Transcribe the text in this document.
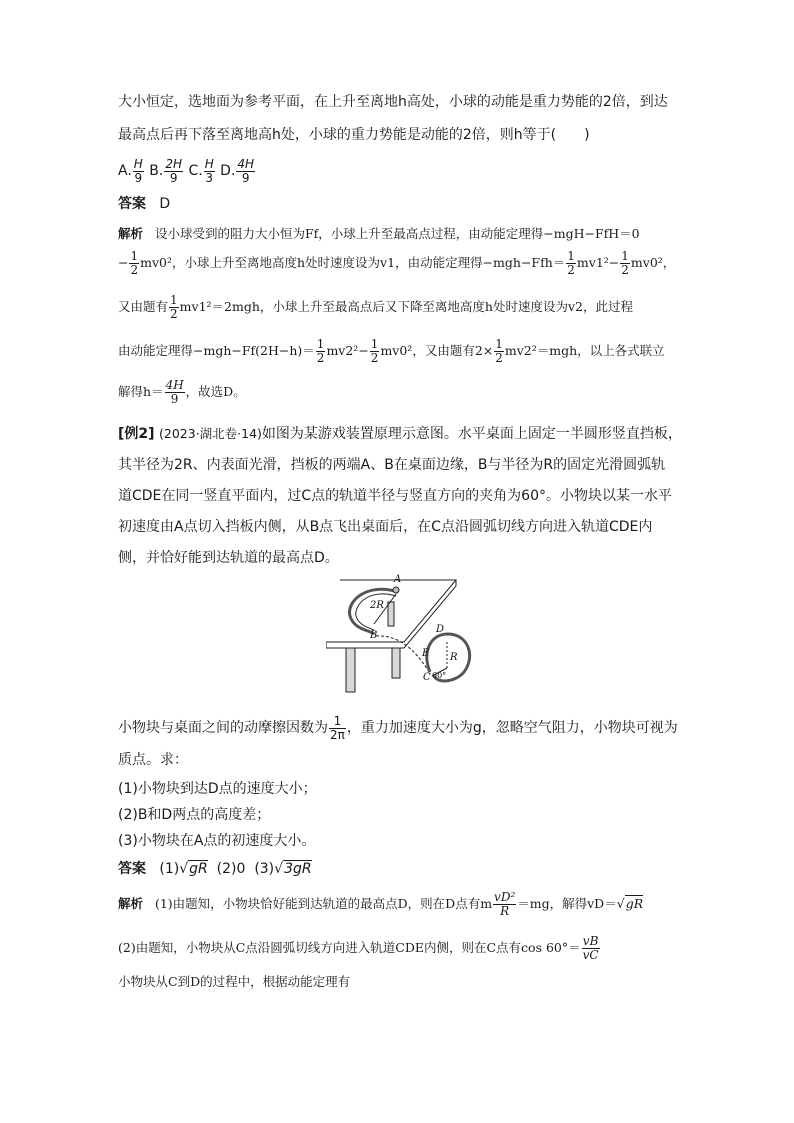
大小恒定，选地面为参考平面，在上升至离地h高处，小球的动能是重力势能的2倍，到达
最高点后再下落至离地高h处，小球的重力势能是动能的2倍，则h等于(　　)
A. $\frac{H}{9} B$. $\frac{2H}{9} C$. $\frac{H}{3} D$. $\frac{4H}{9}$
答案 D
解析 设小球受到的阻力大小恒为Ff，小球上升至最高点过程，由动能定理得−mgH−FfH＝0
− $\frac{1}{2} mv0^2$，小球上升至离地高度h处时速度设为v1，由动能定理得$-mgh-Ffh= \frac{1}{2} mv1^2- \frac{1}{2} mv0^2$，
又由题有 $\frac{1}{2} mv1^2=2mgh$，小球上升至最高点后又下降至离地高度h处时速度设为v2，此过程
由动能定理得$-mgh-Ff(2H-h)= \frac{1}{2} mv2^2- \frac{1}{2} mv0^2$，又由题有$2\times \frac{1}{2} mv2^2=mgh$，以上各式联立
解得$h= \frac{4H}{9}$ ，故选D。
[例2] (2023·湖北卷·14)如图为某游戏装置原理示意图。水平桌面上固定一半圆形竖直挡板，
其半径为2R、内表面光滑，挡板的两端A、B在桌面边缘，B与半径为R的固定光滑圆弧轨
道CDE在同一竖直平面内，过C点的轨道半径与竖直方向的夹角为60°。小物块以某一水平
初速度由A点切入挡板内侧，从B点飞出桌面后，在C点沿圆弧切线方向进入轨道CDE内
侧，并恰好能到达轨道的最高点D。
A
B
2R
D
E
C
R
60°
小物块与桌面之间的动摩擦因数为 $\frac{1}{2\pi}$ ，重力加速度大小为g，忽略空气阻力，小物块可视为
质点。求：
(1)小物块到达D点的速度大小；
(2)B和D两点的高度差；
(3)小物块在A点的初速度大小。
答案 (1)√gR (2)0 (3)√3gR
解析 (1)由题知，小物块恰好能到达轨道的最高点D，则在D点有m $\frac{\text{vD²}}{R} =mg$，解得vD＝√gR
(2)由题知，小物块从C点沿圆弧切线方向进入轨道CDE内侧，则在C点有$\cos 60^\circ= \frac{vB}{vC}$
小物块从C到D的过程中，根据动能定理有
